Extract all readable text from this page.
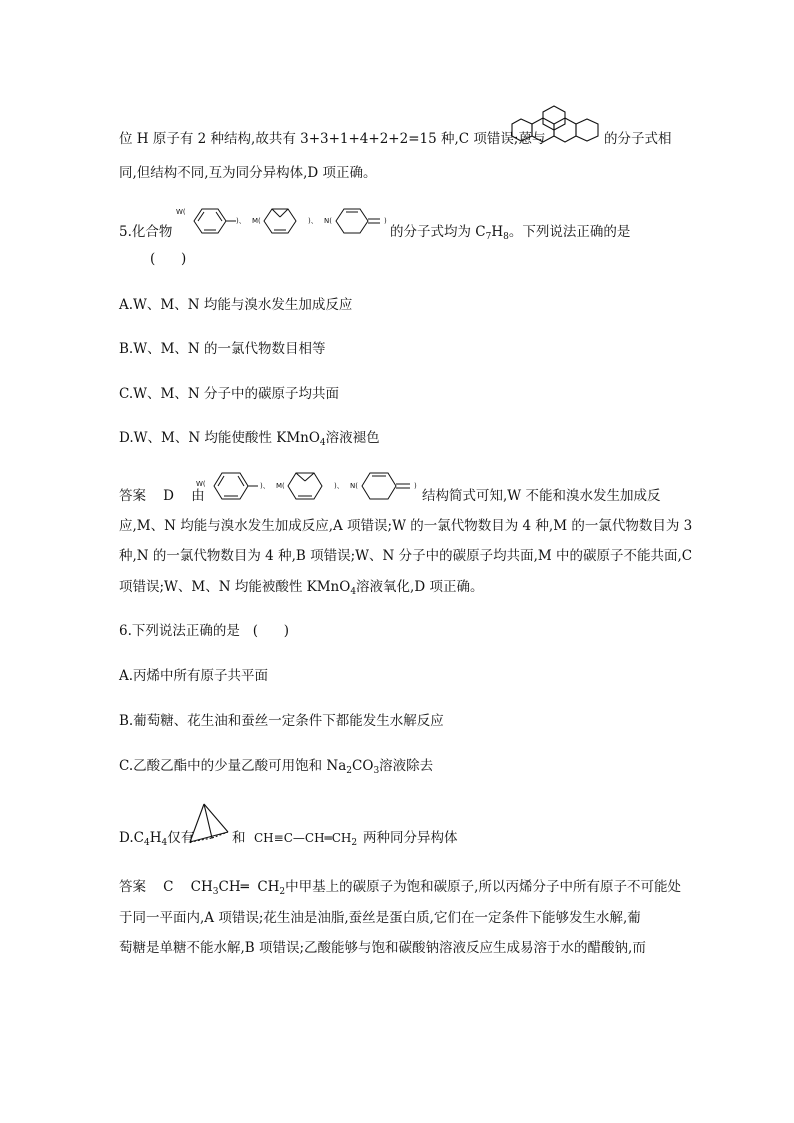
位 H 原子有 2 种结构,故共有 3+3+1+4+2+2=15 种,C 项错误;蒽与	的分子式相
同,但结构不同,互为同分异构体,D 项正确。
5.化合物
W(
)、 M(	)、 N(	)
的分子式均为 $C_7H_8$。下列说法正确的是
(      )
A.W、M、N 均能与溴水发生加成反应
B.W、M、N 的一氯代物数目相等
C.W、M、N 分子中的碳原子均共面
D.W、M、N 均能使酸性 KMnO$_4$溶液褪色
答案    D    由
W(	)、 M(	)、 N(	)
结构简式可知,W 不能和溴水发生加成反
应,M、N 均能与溴水发生加成反应,A 项错误;W 的一氯代物数目为 4 种,M 的一氯代物数目为 3
种,N 的一氯代物数目为 4 种,B 项错误;W、N 分子中的碳原子均共面,M 中的碳原子不能共面,C
项错误;W、M、N 均能被酸性 KMnO$_4$溶液氧化,D 项正确。
6.下列说法正确的是   (      )
A.丙烯中所有原子共平面
B.葡萄糖、花生油和蚕丝一定条件下都能发生水解反应
C.乙酸乙酯中的少量乙酸可用饱和 $Na_2CO_3$溶液除去
$D.C_4H_4$仅有	和 $CH\equiv C—CH═CH_2$ 两种同分异构体
答案    C    $CH_3CH═$  $CH_2$中甲基上的碳原子为饱和碳原子,所以丙烯分子中所有原子不可能处
于同一平面内,A 项错误;花生油是油脂,蚕丝是蛋白质,它们在一定条件下能够发生水解,葡
萄糖是单糖不能水解,B 项错误;乙酸能够与饱和碳酸钠溶液反应生成易溶于水的醋酸钠,而
